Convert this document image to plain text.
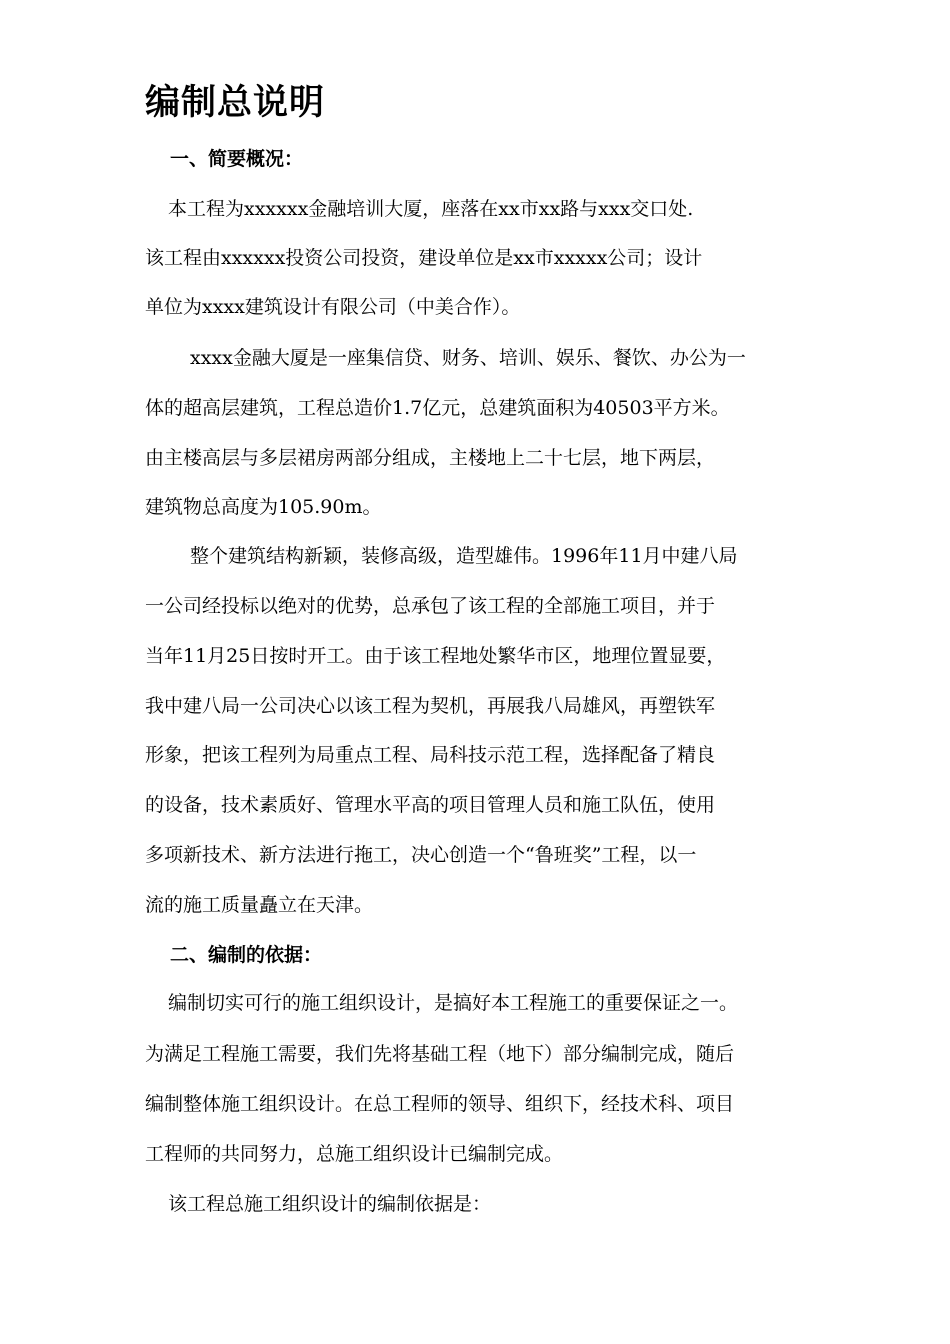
编制总说明
一、简要概况：
本工程为xxxxxx金融培训大厦，座落在xx市xx路与xxx交口处.
该工程由xxxxxx投资公司投资，建设单位是xx市xxxxx公司；设计
单位为xxxx建筑设计有限公司（中美合作）。
xxxx金融大厦是一座集信贷、财务、培训、娱乐、餐饮、办公为一
体的超高层建筑，工程总造价1.7亿元，总建筑面积为40503平方米。
由主楼高层与多层裙房两部分组成，主楼地上二十七层，地下两层，
建筑物总高度为105.90m。
整个建筑结构新颖，装修高级，造型雄伟。1996年11月中建八局
一公司经投标以绝对的优势，总承包了该工程的全部施工项目，并于
当年11月25日按时开工。由于该工程地处繁华市区，地理位置显要，
我中建八局一公司决心以该工程为契机，再展我八局雄风，再塑铁军
形象，把该工程列为局重点工程、局科技示范工程，选择配备了精良
的设备，技术素质好、管理水平高的项目管理人员和施工队伍，使用
多项新技术、新方法进行拖工，决心创造一个“鲁班奖”工程，以一
流的施工质量矗立在天津。
二、编制的依据：
编制切实可行的施工组织设计，是搞好本工程施工的重要保证之一。
为满足工程施工需要，我们先将基础工程（地下）部分编制完成，随后
编制整体施工组织设计。在总工程师的领导、组织下，经技术科、项目
工程师的共同努力，总施工组织设计已编制完成。
该工程总施工组织设计的编制依据是：
